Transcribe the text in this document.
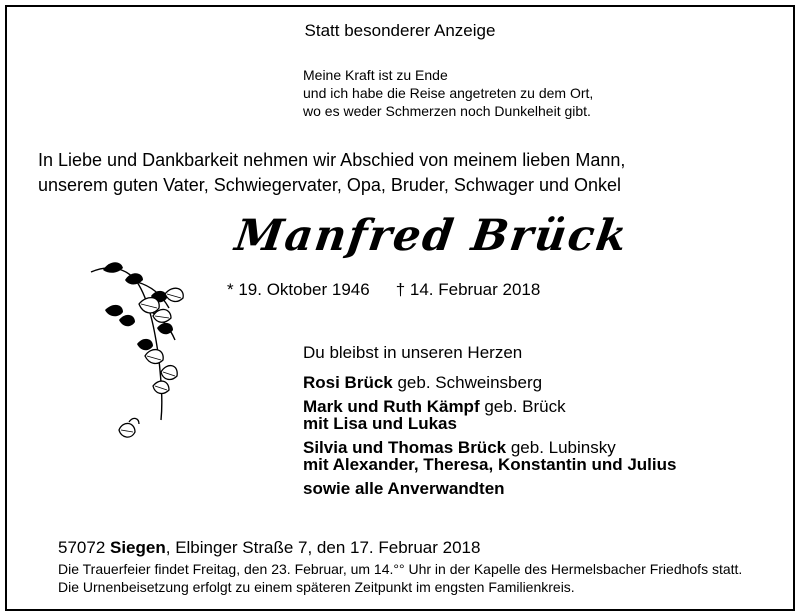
Statt besonderer Anzeige
Meine Kraft ist zu Ende
und ich habe die Reise angetreten zu dem Ort,
wo es weder Schmerzen noch Dunkelheit gibt.
In Liebe und Dankbarkeit nehmen wir Abschied von meinem lieben Mann,
unserem guten Vater, Schwiegervater, Opa, Bruder, Schwager und Onkel
Manfred Brück
* 19. Oktober 1946 † 14. Februar 2018
Du bleibst in unseren Herzen
Rosi Brück geb. Schweinsberg
Mark und Ruth Kämpf geb. Brück
mit Lisa und Lukas
Silvia und Thomas Brück geb. Lubinsky
mit Alexander, Theresa, Konstantin und Julius
sowie alle Anverwandten
57072 Siegen, Elbinger Straße 7, den 17. Februar 2018
Die Trauerfeier findet Freitag, den 23. Februar, um 14.°° Uhr in der Kapelle des Hermelsbacher Friedhofs statt.
Die Urnenbeisetzung erfolgt zu einem späteren Zeitpunkt im engsten Familienkreis.
